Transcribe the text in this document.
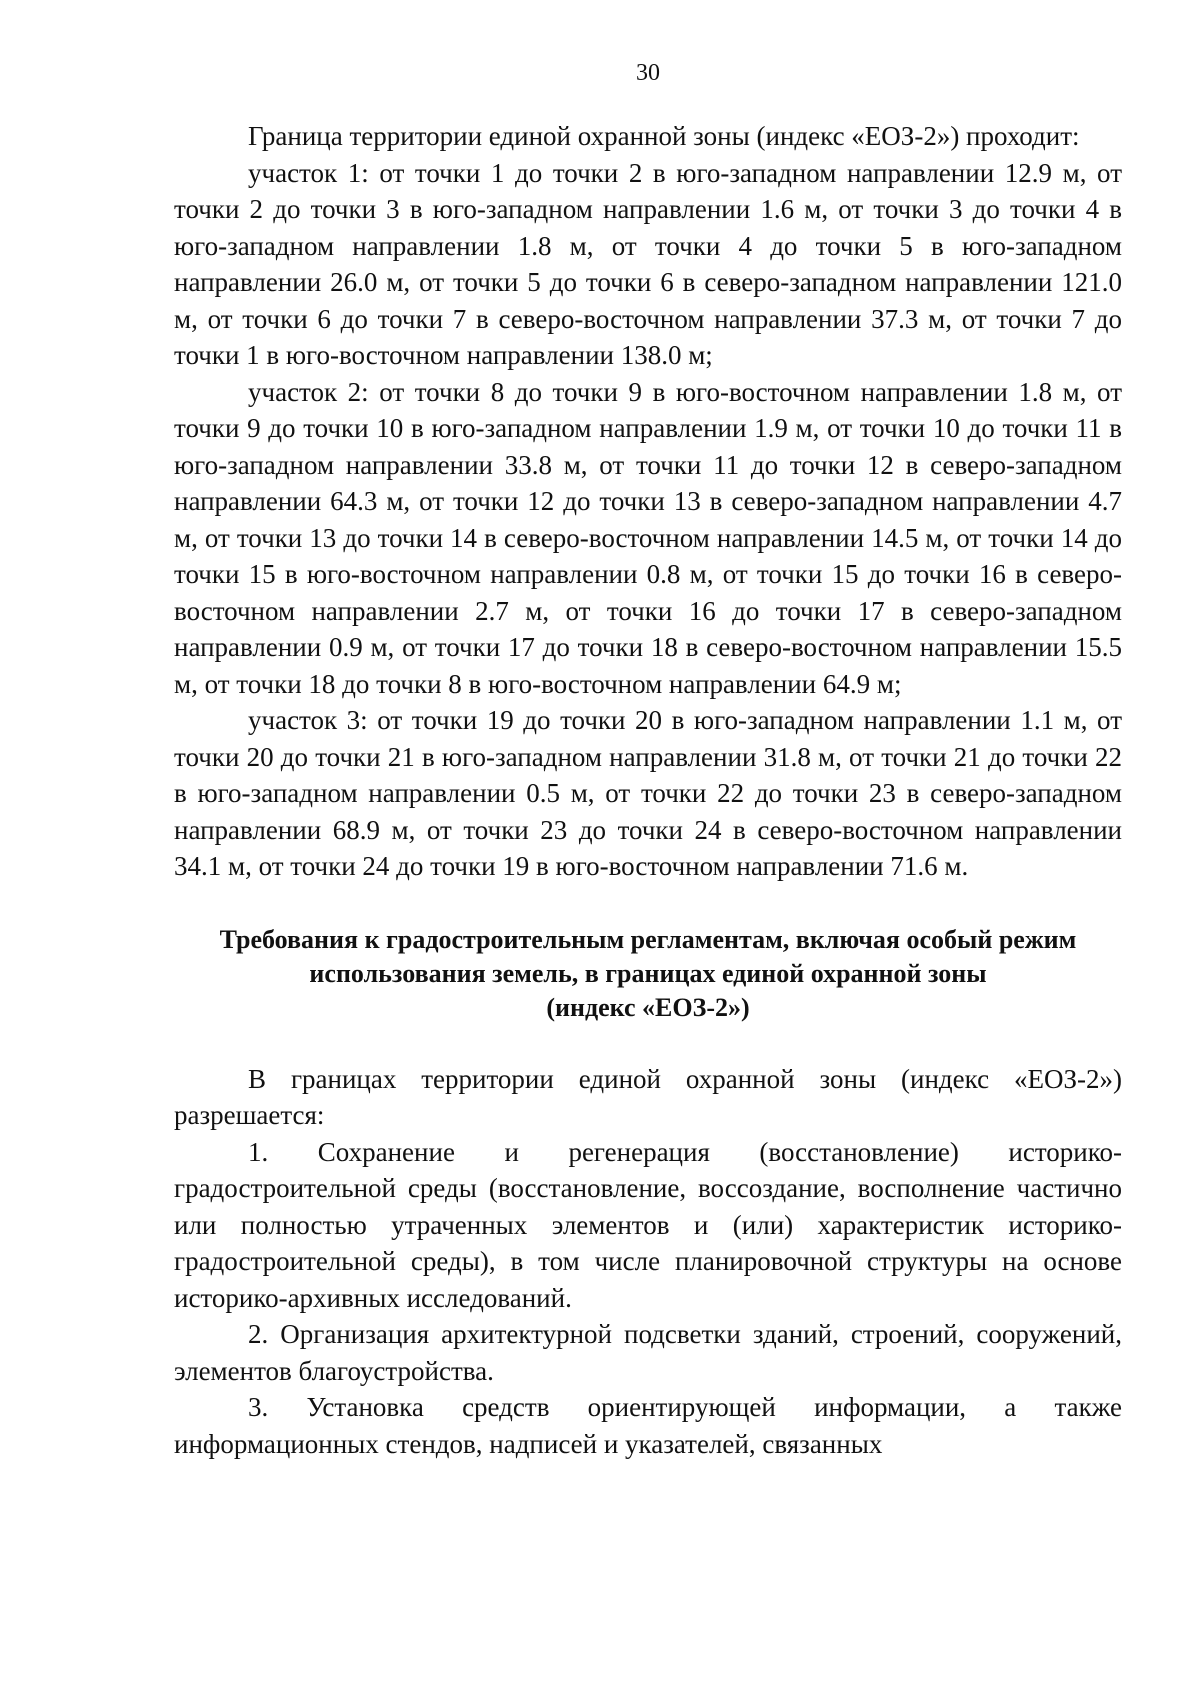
30

Граница территории единой охранной зоны (индекс «ЕОЗ-2») проходит:

участок 1: от точки 1 до точки 2 в юго-западном направлении 12.9 м, от точки 2 до точки 3 в юго-западном направлении 1.6 м, от точки 3 до точки 4 в юго-западном направлении 1.8 м, от точки 4 до точки 5 в юго-западном направлении 26.0 м, от точки 5 до точки 6 в северо-западном направлении 121.0 м, от точки 6 до точки 7 в северо-восточном направлении 37.3 м, от точки 7 до точки 1 в юго-восточном направлении 138.0 м;

участок 2: от точки 8 до точки 9 в юго-восточном направлении 1.8 м, от точки 9 до точки 10 в юго-западном направлении 1.9 м, от точки 10 до точки 11 в юго-западном направлении 33.8 м, от точки 11 до точки 12 в северо-западном направлении 64.3 м, от точки 12 до точки 13 в северо-западном направлении 4.7 м, от точки 13 до точки 14 в северо-восточном направлении 14.5 м, от точки 14 до точки 15 в юго-восточном направлении 0.8 м, от точки 15 до точки 16 в северо-восточном направлении 2.7 м, от точки 16 до точки 17 в северо-западном направлении 0.9 м, от точки 17 до точки 18 в северо-восточном направлении 15.5 м, от точки 18 до точки 8 в юго-восточном направлении 64.9 м;

участок 3: от точки 19 до точки 20 в юго-западном направлении 1.1 м, от точки 20 до точки 21 в юго-западном направлении 31.8 м, от точки 21 до точки 22 в юго-западном направлении 0.5 м, от точки 22 до точки 23 в северо-западном направлении 68.9 м, от точки 23 до точки 24 в северо-восточном направлении 34.1 м, от точки 24 до точки 19 в юго-восточном направлении 71.6 м.

Требования к градостроительным регламентам, включая особый режим
использования земель, в границах единой охранной зоны
(индекс «ЕОЗ-2»)

В границах территории единой охранной зоны (индекс «ЕОЗ-2») разрешается:

1. Сохранение и регенерация (восстановление) историко-градостроительной среды (восстановление, воссоздание, восполнение частично или полностью утраченных элементов и (или) характеристик историко-градостроительной среды), в том числе планировочной структуры на основе историко-архивных исследований.

2. Организация архитектурной подсветки зданий, строений, сооружений, элементов благоустройства.

3. Установка средств ориентирующей информации, а также информационных стендов, надписей и указателей, связанных
